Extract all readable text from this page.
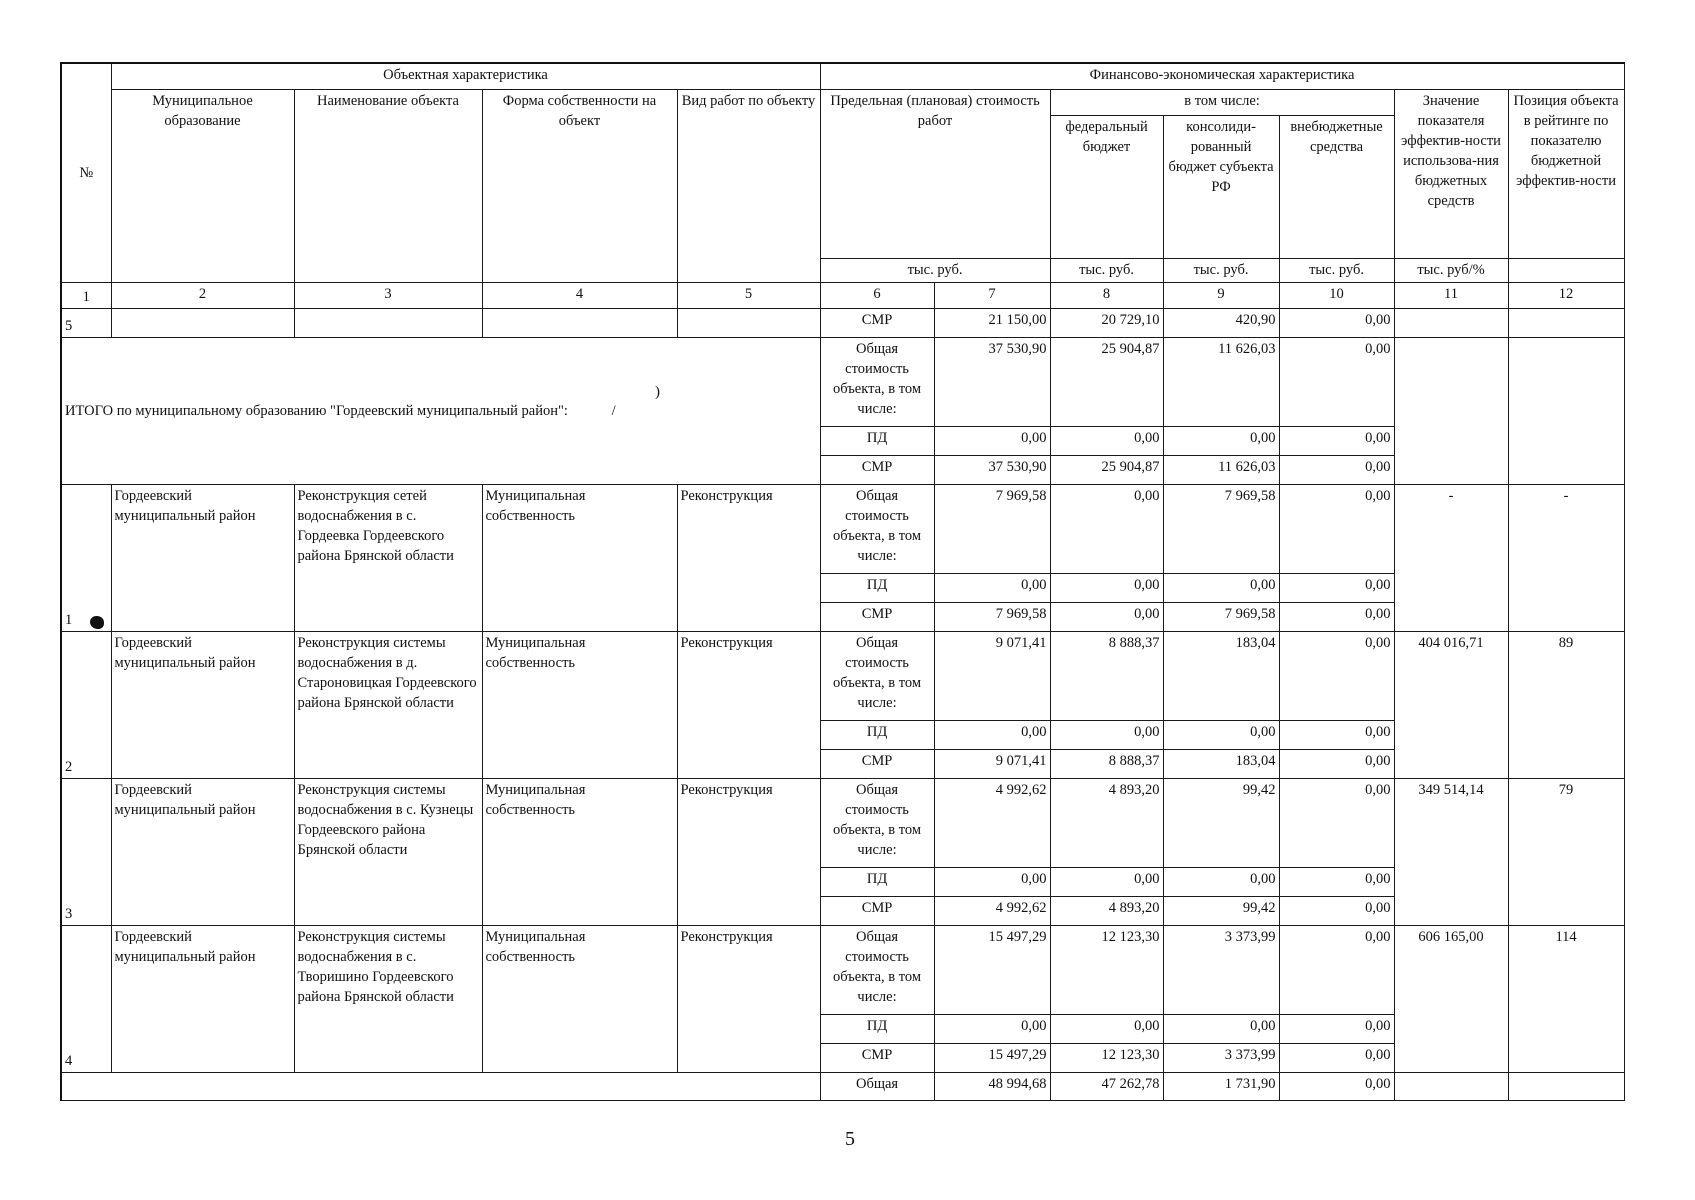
№	Объектная характеристика				Финансово-экономическая характеристика						
	Муниципальное образование	Наименование объекта	Форма собственности на объект	Вид работ по объекту	Предельная (плановая) стоимость работ		в том числе:			Значение показателя эффектив-ности использова-ния бюджетных средств	Позиция объекта в рейтинге по показателю бюджетной эффектив-ности
							федеральный бюджет	консолиди-рованный бюджет субъекта РФ	внебюджетные средства		
					тыс. руб.		тыс. руб.	тыс. руб.	тыс. руб.	тыс. руб/%	
1	2	3	4	5	6	7	8	9	10	11	12
5					СМР	21 150,00	20 729,10	420,90	0,00		
ИТОГО по муниципальному образованию "Гордеевский муниципальный район": /					Общая стоимость объекта, в том числе:	37 530,90	25 904,87	11 626,03	0,00		
					ПД	0,00	0,00	0,00	0,00		
					СМР	37 530,90	25 904,87	11 626,03	0,00		
1	Гордеевский муниципальный район	Реконструкция сетей водоснабжения в с. Гордеевка Гордеевского района Брянской области	Муниципальная собственность	Реконструкция	Общая стоимость объекта, в том числе:	7 969,58	0,00	7 969,58	0,00	-	-
					ПД	0,00	0,00	0,00	0,00		
					СМР	7 969,58	0,00	7 969,58	0,00		
2	Гордеевский муниципальный район	Реконструкция системы водоснабжения в д. Староновицкая Гордеевского района Брянской области	Муниципальная собственность	Реконструкция	Общая стоимость объекта, в том числе:	9 071,41	8 888,37	183,04	0,00	404 016,71	89
					ПД	0,00	0,00	0,00	0,00		
					СМР	9 071,41	8 888,37	183,04	0,00		
3	Гордеевский муниципальный район	Реконструкция системы водоснабжения в с. Кузнецы Гордеевского района Брянской области	Муниципальная собственность	Реконструкция	Общая стоимость объекта, в том числе:	4 992,62	4 893,20	99,42	0,00	349 514,14	79
					ПД	0,00	0,00	0,00	0,00		
					СМР	4 992,62	4 893,20	99,42	0,00		
4	Гордеевский муниципальный район	Реконструкция системы водоснабжения в с. Творишино Гордеевского района Брянской области	Муниципальная собственность	Реконструкция	Общая стоимость объекта, в том числе:	15 497,29	12 123,30	3 373,99	0,00	606 165,00	114
					ПД	0,00	0,00	0,00	0,00		
					СМР	15 497,29	12 123,30	3 373,99	0,00		
					Общая	48 994,68	47 262,78	1 731,90	0,00		
)
5
